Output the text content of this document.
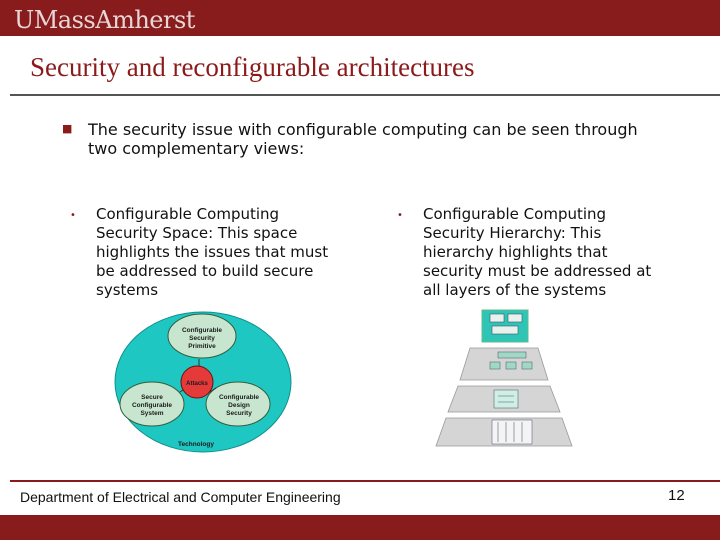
UMassAmherst
Security and reconfigurable architectures
■ The security issue with configurable computing can be seen through two complementary views:
• Configurable Computing Security Space: This space highlights the issues that must be addressed to build secure systems
• Configurable Computing Security Hierarchy: This hierarchy highlights that security must be addressed at all layers of the systems
Configurable
Security
Primitive
Secure
Configurable
System
Configurable
Design
Security
Attacks
Technology
Department of Electrical and Computer Engineering	12
